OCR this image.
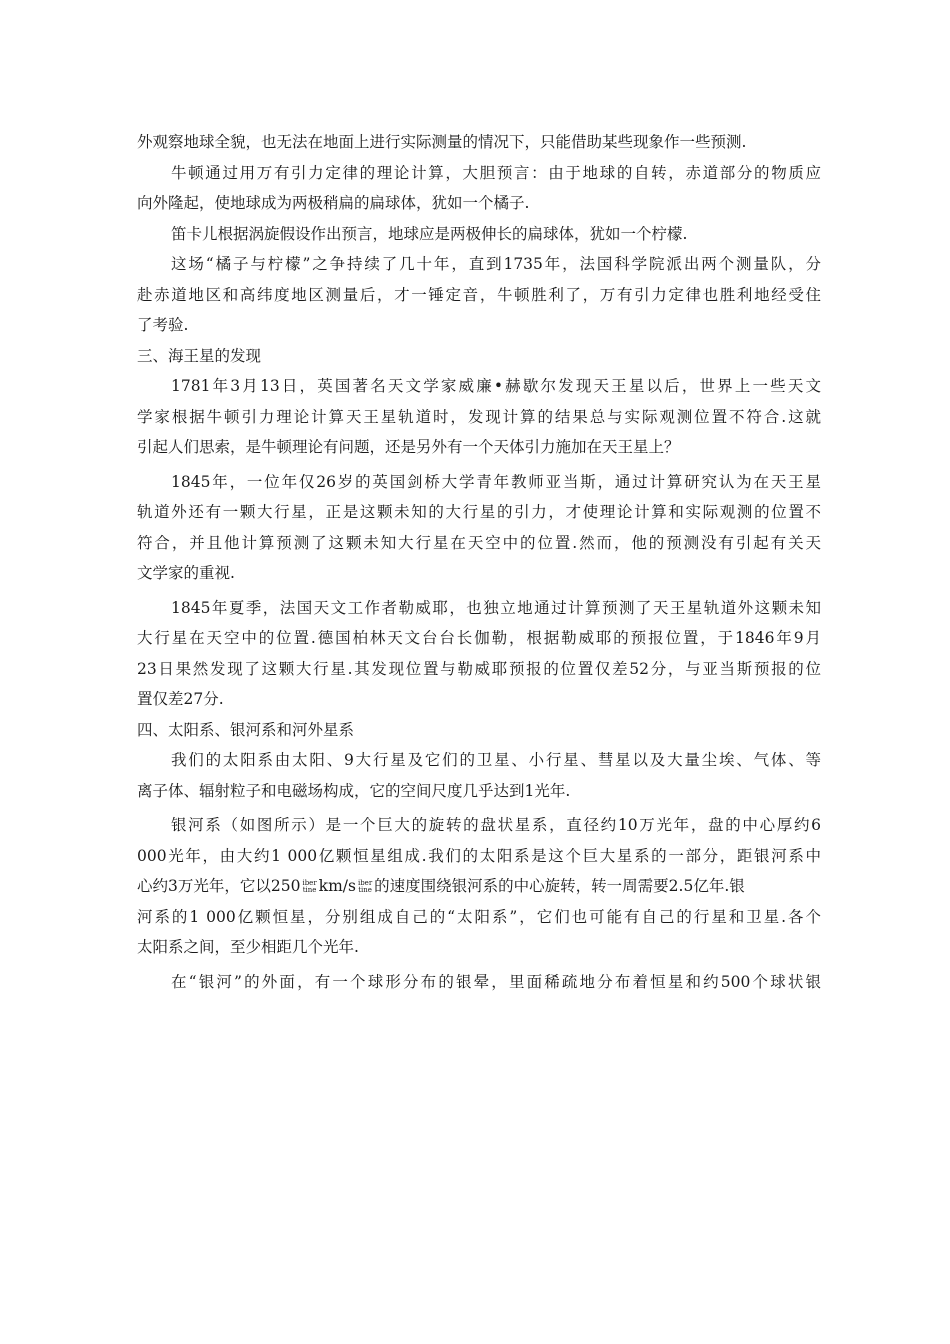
外观察地球全貌，也无法在地面上进行实际测量的情况下，只能借助某些现象作一些预测.
牛顿通过用万有引力定律的理论计算，大胆预言：由于地球的自转，赤道部分的物质应
向外隆起，使地球成为两极稍扁的扁球体，犹如一个橘子.
笛卡儿根据涡旋假设作出预言，地球应是两极伸长的扁球体，犹如一个柠檬.
这场“橘子与柠檬”之争持续了几十年，直到1735年，法国科学院派出两个测量队，分
赴赤道地区和高纬度地区测量后，才一锤定音，牛顿胜利了，万有引力定律也胜利地经受住
了考验.
三、海王星的发现
1781年3月13日，英国著名天文学家威廉•赫歇尔发现天王星以后，世界上一些天文
学家根据牛顿引力理论计算天王星轨道时，发现计算的结果总与实际观测位置不符合.这就
引起人们思索，是牛顿理论有问题，还是另外有一个天体引力施加在天王星上？
1845年，一位年仅26岁的英国剑桥大学青年教师亚当斯，通过计算研究认为在天王星
轨道外还有一颗大行星，正是这颗未知的大行星的引力，才使理论计算和实际观测的位置不
符合，并且他计算预测了这颗未知大行星在天空中的位置.然而，他的预测没有引起有关天
文学家的重视.
1845年夏季，法国天文工作者勒威耶，也独立地通过计算预测了天王星轨道外这颗未知
大行星在天空中的位置.德国柏林天文台台长伽勒，根据勒威耶的预报位置，于1846年9月
23日果然发现了这颗大行星.其发现位置与勒威耶预报的位置仅差52分，与亚当斯预报的位
置仅差27分.
四、太阳系、银河系和河外星系
我们的太阳系由太阳、9大行星及它们的卫星、小行星、彗星以及大量尘埃、气体、等
离子体、辐射粒子和电磁场构成，它的空间尺度几乎达到1光年.
银河系（如图所示）是一个巨大的旋转的盘状星系，直径约10万光年，盘的中心厚约6
000光年，由大约1 000亿颗恒星组成.我们的太阳系是这个巨大星系的一部分，距银河系中
心约3万光年，它以250 iber
tine km/s iber
tine 的速度围绕银河系的中心旋转，转一周需要2.5亿年.银
河系的1 000亿颗恒星，分别组成自己的“太阳系”，它们也可能有自己的行星和卫星.各个
太阳系之间，至少相距几个光年.
在“银河”的外面，有一个球形分布的银晕，里面稀疏地分布着恒星和约500个球状银
